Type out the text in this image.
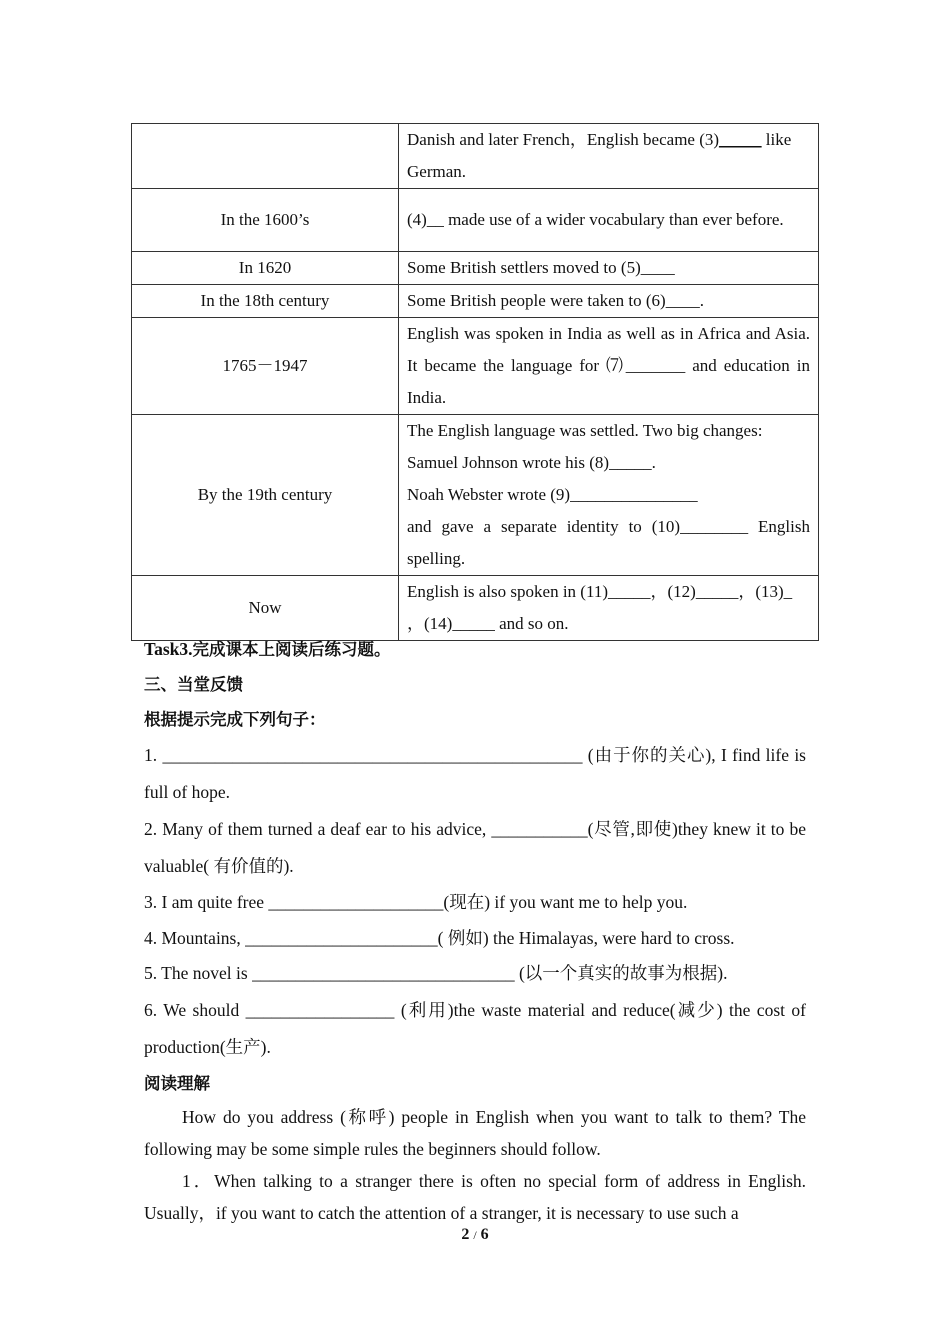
	Danish and later French，English became (3)_____ like German.
In the 1600’s	(4)__ made use of a wider vocabulary than ever before.
In 1620	Some British settlers moved to (5)____
In the 18th century	Some British people were taken to (6)____.
1765－1947	English was spoken in India as well as in Africa and Asia. It became the language for ⑺_______ and education in India.
By the 19th century	The English language was settled. Two big changes:
Samuel Johnson wrote his (8)_____.
Noah Webster wrote (9)_______________
and gave a separate identity to (10)________ English spelling.

Now	English is also spoken in (11)_____，(12)_____，(13)_ ，(14)_____ and so on.

Task3.完成课本上阅读后练习题。

三、当堂反馈

根据提示完成下列句子：

1. ________________________________________________ (由于你的关心), I find life is full of hope.

2. Many of them turned a deaf ear to his advice, ___________(尽管,即使)they knew it to be valuable( 有价值的).

3. I am quite free ____________________(现在) if you want me to help you.

4. Mountains, ______________________( 例如) the Himalayas, were hard to cross.

5. The novel is ______________________________ (以一个真实的故事为根据).

6. We should _________________ (利用)the waste material and reduce(减少) the cost of production(生产).

阅读理解

How do you address (称呼) people in English when you want to talk to them? The following may be some simple rules the beginners should follow.

1．When talking to a stranger there is often no special form of address in English. Usually，if you want to catch the attention of a stranger, it is necessary to use such a

2 / 6
